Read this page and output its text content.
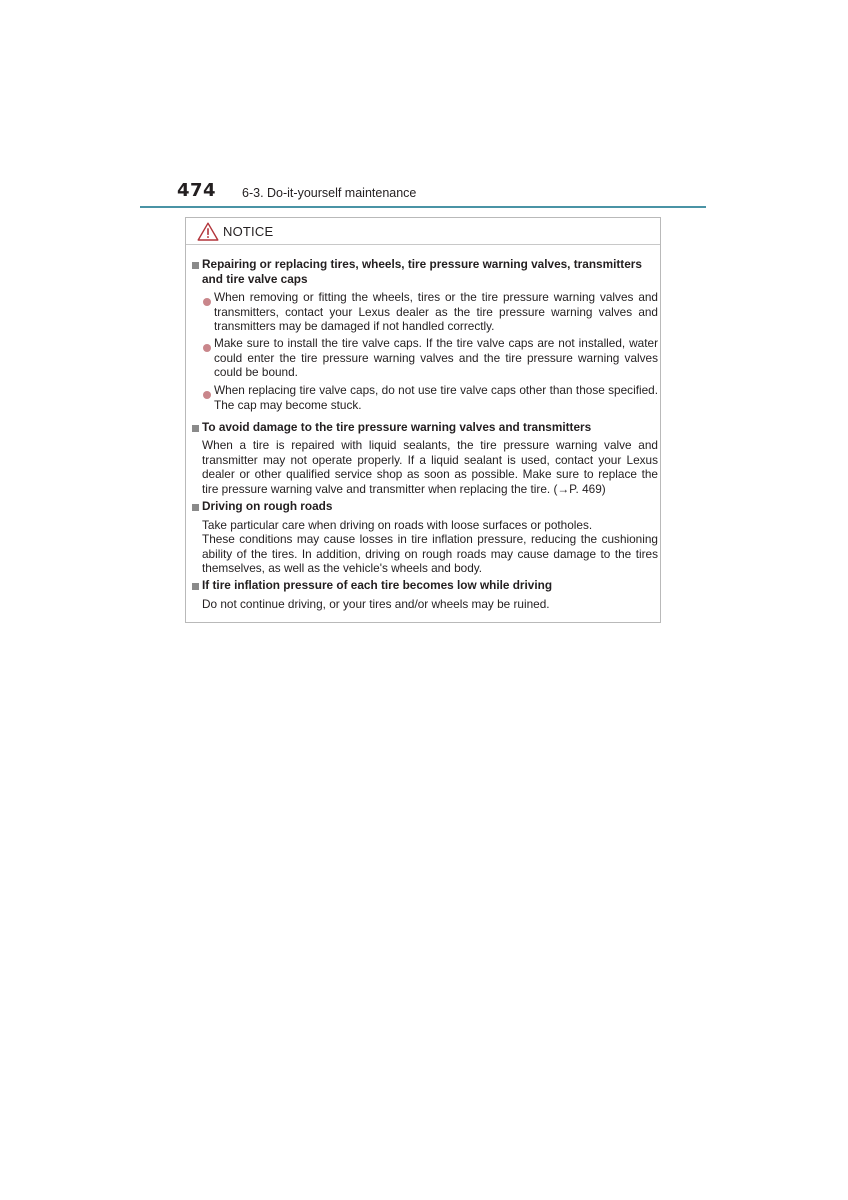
474 6-3. Do-it-yourself maintenance
NOTICE
Repairing or replacing tires, wheels, tire pressure warning valves, transmitters and tire valve caps
When removing or fitting the wheels, tires or the tire pressure warning valves and transmitters, contact your Lexus dealer as the tire pressure warning valves and transmitters may be damaged if not handled correctly.
Make sure to install the tire valve caps. If the tire valve caps are not installed, water could enter the tire pressure warning valves and the tire pressure warning valves could be bound.
When replacing tire valve caps, do not use tire valve caps other than those specified. The cap may become stuck.
To avoid damage to the tire pressure warning valves and transmitters
When a tire is repaired with liquid sealants, the tire pressure warning valve and transmitter may not operate properly. If a liquid sealant is used, contact your Lexus dealer or other qualified service shop as soon as possible. Make sure to replace the tire pressure warning valve and transmitter when replacing the tire. (→P. 469)
Driving on rough roads
Take particular care when driving on roads with loose surfaces or potholes.
These conditions may cause losses in tire inflation pressure, reducing the cushioning ability of the tires. In addition, driving on rough roads may cause damage to the tires themselves, as well as the vehicle's wheels and body.
If tire inflation pressure of each tire becomes low while driving
Do not continue driving, or your tires and/or wheels may be ruined.
